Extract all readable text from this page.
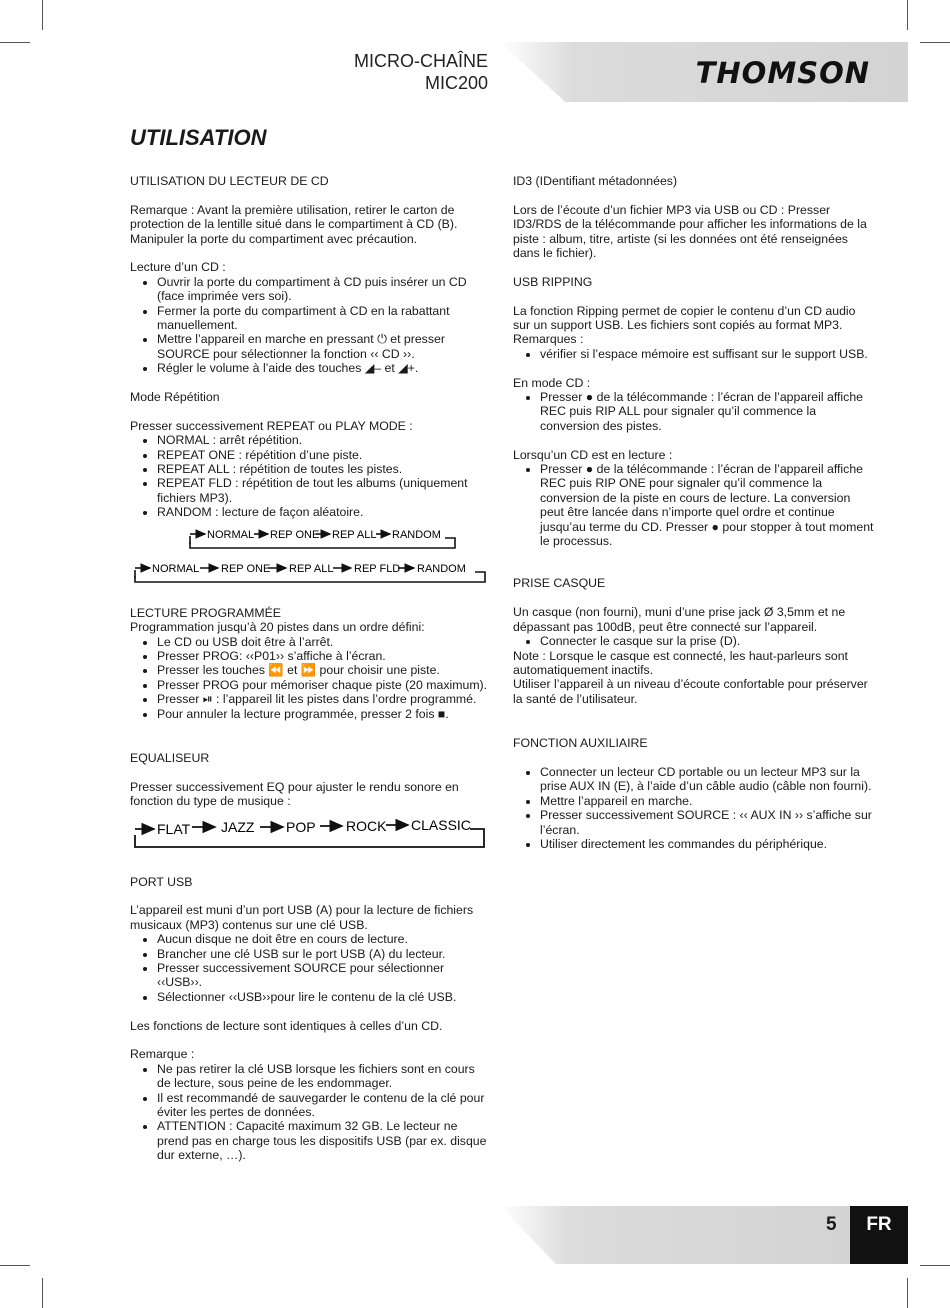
MICRO-CHAÎNE
MIC200	THOMSON
UTILISATION

UTILISATION DU LECTEUR DE CD

Remarque : Avant la première utilisation, retirer le carton de protection de la lentille situé dans le compartiment à CD (B). Manipuler la porte du compartiment avec précaution.

Lecture d’un CD :

• Ouvrir la porte du compartiment à CD puis insérer un CD (face imprimée vers soi).
• Fermer la porte du compartiment à CD en la rabattant manuellement.
• Mettre l’appareil en marche en pressant ⏻ et presser SOURCE pour sélectionner la fonction ‹‹ CD ››.
• Régler le volume à l’aide des touches ◢– et ◢+.

Mode Répétition

Presser successivement REPEAT ou PLAY MODE :

• NORMAL : arrêt répétition.
• REPEAT ONE : répétition d’une piste.
• REPEAT ALL : répétition de toutes les pistes.
• REPEAT FLD : répétition de tout les albums (uniquement fichiers MP3).
• RANDOM : lecture de façon aléatoire.
NORMAL REP ONE REP ALL RANDOM
NORMAL REP ONE REP ALL REP FLD RANDOM

LECTURE PROGRAMMÉE

Programmation jusqu’à 20 pistes dans un ordre défini:

• Le CD ou USB doit être à l’arrêt.
• Presser PROG: ‹‹P01›› s’affiche à l’écran.
• Presser les touches ⏪ et ⏩ pour choisir une piste.
• Presser PROG pour mémoriser chaque piste (20 maximum).
• Presser ⏯ : l’appareil lit les pistes dans l’ordre programmé.
• Pour annuler la lecture programmée, presser 2 fois ■.

EQUALISEUR

Presser successivement EQ pour ajuster le rendu sonore en fonction du type de musique :

FLAT JAZZ POP ROCK CLASSIC

PORT USB

L’appareil est muni d’un port USB (A) pour la lecture de fichiers musicaux (MP3) contenus sur une clé USB.

• Aucun disque ne doit être en cours de lecture.
• Brancher une clé USB sur le port USB (A) du lecteur.
• Presser successivement SOURCE pour sélectionner ‹‹USB››.
• Sélectionner ‹‹USB››pour lire le contenu de la clé USB.

Les fonctions de lecture sont identiques à celles d’un CD.

Remarque :

• Ne pas retirer la clé USB lorsque les fichiers sont en cours de lecture, sous peine de les endommager.
• Il est recommandé de sauvegarder le contenu de la clé pour éviter les pertes de données.
• ATTENTION : Capacité maximum 32 GB. Le lecteur ne prend pas en charge tous les dispositifs USB (par ex. disque dur externe, …).

ID3 (IDentifiant métadonnées)

Lors de l’écoute d’un fichier MP3 via USB ou CD : Presser ID3/RDS de la télécommande pour afficher les informations de la piste : album, titre, artiste (si les données ont été renseignées dans le fichier).

USB RIPPING

La fonction Ripping permet de copier le contenu d’un CD audio sur un support USB. Les fichiers sont copiés au format MP3.

Remarques :

• vérifier si l’espace mémoire est suffisant sur le support USB.

En mode CD :

• Presser ● de la télécommande : l’écran de l’appareil affiche REC puis RIP ALL pour signaler qu’il commence la conversion des pistes.

Lorsqu’un CD est en lecture :

• Presser ● de la télécommande : l’écran de l’appareil affiche REC puis RIP ONE pour signaler qu’il commence la conversion de la piste en cours de lecture. La conversion peut être lancée dans n’importe quel ordre et continue jusqu’au terme du CD. Presser ● pour stopper à tout moment le processus.

PRISE CASQUE

Un casque (non fourni), muni d’une prise jack Ø 3,5mm et ne dépassant pas 100dB, peut être connecté sur l’appareil.

• Connecter le casque sur la prise (D).

Note : Lorsque le casque est connecté, les haut-parleurs sont automatiquement inactifs.

Utiliser l’appareil à un niveau d’écoute confortable pour préserver la santé de l’utilisateur.

FONCTION AUXILIAIRE

• Connecter un lecteur CD portable ou un lecteur MP3 sur la prise AUX IN (E), à l’aide d’un câble audio (câble non fourni).
• Mettre l’appareil en marche.
• Presser successivement SOURCE : ‹‹ AUX IN ›› s’affiche sur l’écran.
• Utiliser directement les commandes du périphérique.
5	FR
